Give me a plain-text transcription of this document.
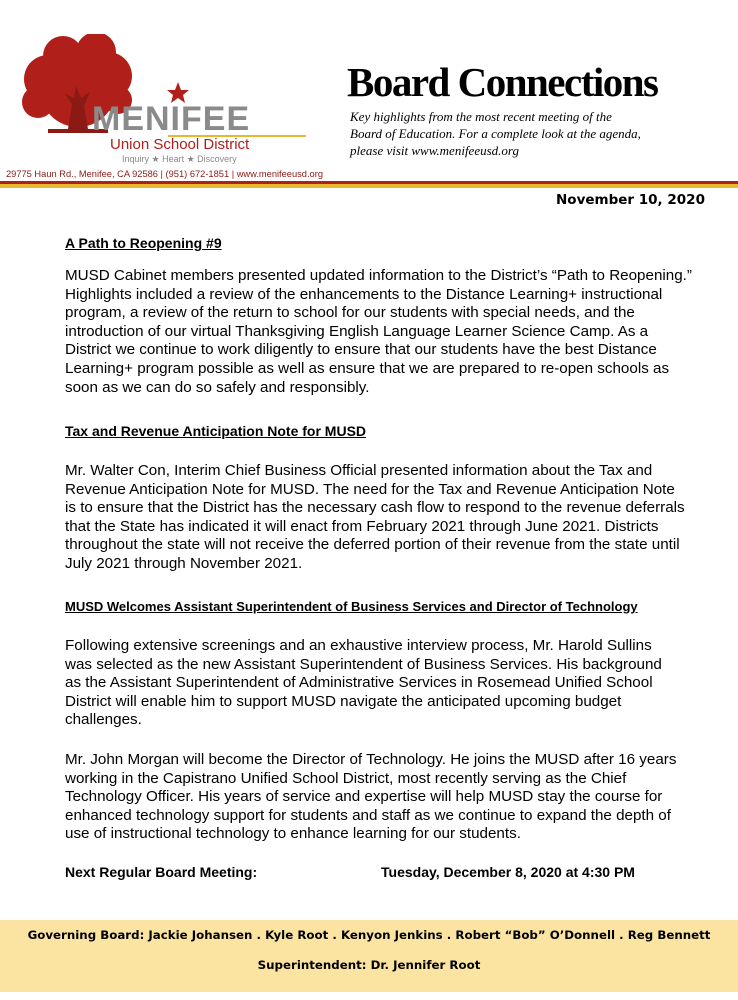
MENIFEE
Union School District
Inquiry ★ Heart ★ Discovery
29775 Haun Rd., Menifee, CA 92586 | (951) 672-1851 | www.menifeeusd.org
Board Connections
Key highlights from the most recent meeting of the
Board of Education. For a complete look at the agenda,
please visit www.menifeeusd.org
November 10, 2020
A Path to Reopening #9
MUSD Cabinet members presented updated information to the District’s “Path to Reopening.”
Highlights included a review of the enhancements to the Distance Learning+ instructional
program, a review of the return to school for our students with special needs, and the
introduction of our virtual Thanksgiving English Language Learner Science Camp. As a
District we continue to work diligently to ensure that our students have the best Distance
Learning+ program possible as well as ensure that we are prepared to re-open schools as
soon as we can do so safely and responsibly.
Tax and Revenue Anticipation Note for MUSD
Mr. Walter Con, Interim Chief Business Official presented information about the Tax and
Revenue Anticipation Note for MUSD. The need for the Tax and Revenue Anticipation Note
is to ensure that the District has the necessary cash flow to respond to the revenue deferrals
that the State has indicated it will enact from February 2021 through June 2021. Districts
throughout the state will not receive the deferred portion of their revenue from the state until
July 2021 through November 2021.
MUSD Welcomes Assistant Superintendent of Business Services and Director of Technology
Following extensive screenings and an exhaustive interview process, Mr. Harold Sullins
was selected as the new Assistant Superintendent of Business Services. His background
as the Assistant Superintendent of Administrative Services in Rosemead Unified School
District will enable him to support MUSD navigate the anticipated upcoming budget
challenges.
Mr. John Morgan will become the Director of Technology. He joins the MUSD after 16 years
working in the Capistrano Unified School District, most recently serving as the Chief
Technology Officer. His years of service and expertise will help MUSD stay the course for
enhanced technology support for students and staff as we continue to expand the depth of
use of instructional technology to enhance learning for our students.
Next Regular Board Meeting:	Tuesday, December 8, 2020 at 4:30 PM
Governing Board: Jackie Johansen . Kyle Root . Kenyon Jenkins . Robert “Bob” O’Donnell . Reg Bennett
Superintendent: Dr. Jennifer Root
